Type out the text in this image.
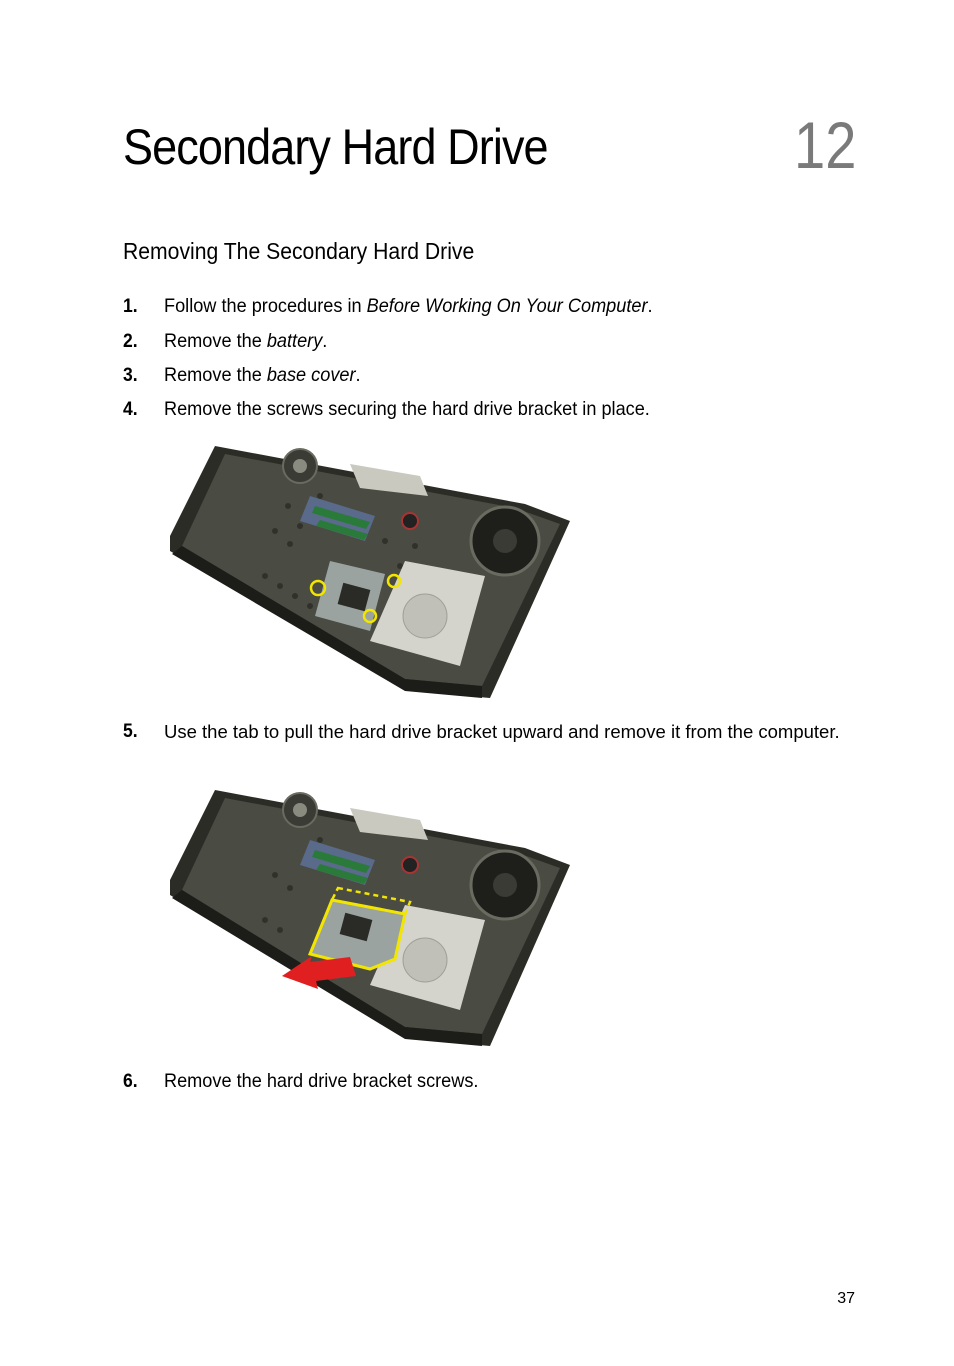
Secondary Hard Drive	12
Removing The Secondary Hard Drive
1. Follow the procedures in Before Working On Your Computer.
2. Remove the battery.
3. Remove the base cover.
4. Remove the screws securing the hard drive bracket in place.
5. Use the tab to pull the hard drive bracket upward and remove it from the computer.
6. Remove the hard drive bracket screws.
37
